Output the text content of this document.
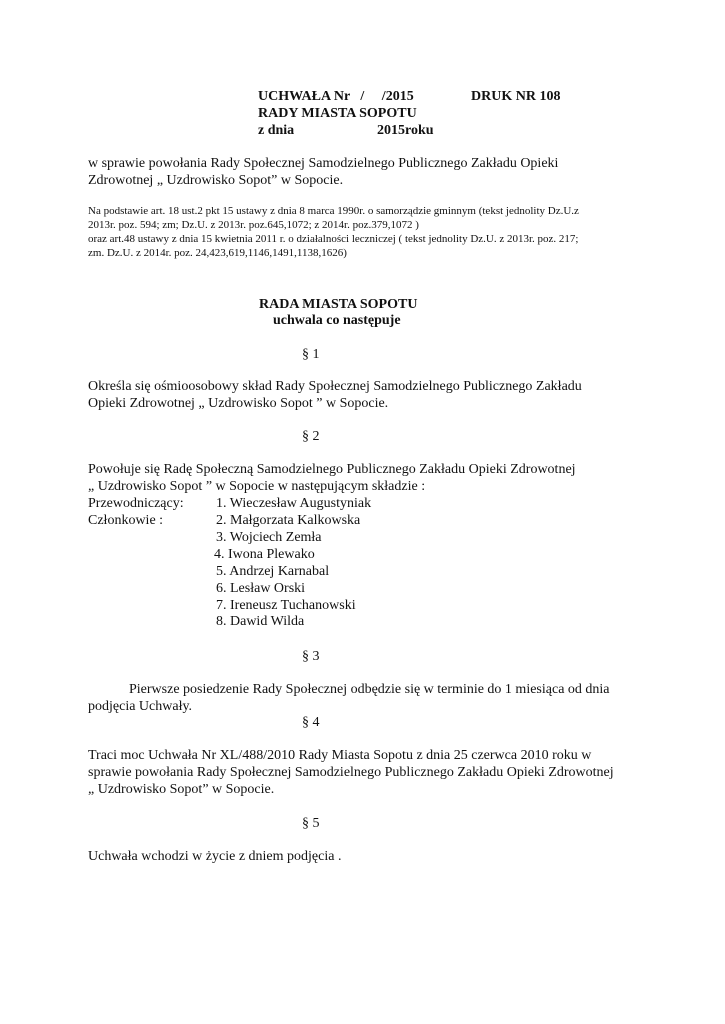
UCHWAŁA Nr   /     /2015	DRUK NR 108
RADY MIASTA SOPOTU
z dnia	2015roku
w sprawie powołania Rady Społecznej Samodzielnego Publicznego Zakładu Opieki
Zdrowotnej „ Uzdrowisko Sopot” w Sopocie.
Na podstawie art. 18 ust.2 pkt 15 ustawy z dnia 8 marca 1990r. o samorządzie gminnym (tekst jednolity Dz.U.z
2013r. poz. 594; zm; Dz.U. z 2013r. poz.645,1072; z 2014r. poz.379,1072 )
oraz art.48 ustawy z dnia 15 kwietnia 2011 r. o działalności leczniczej ( tekst jednolity Dz.U. z 2013r. poz. 217;
zm. Dz.U. z 2014r. poz. 24,423,619,1146,1491,1138,1626)
RADA MIASTA SOPOTU
uchwala co następuje
§ 1
Określa się ośmioosobowy skład Rady Społecznej Samodzielnego Publicznego Zakładu
Opieki Zdrowotnej „ Uzdrowisko Sopot ” w Sopocie.
§ 2
Powołuje się Radę Społeczną Samodzielnego Publicznego Zakładu Opieki Zdrowotnej
„ Uzdrowisko Sopot ” w Sopocie w następującym składzie :
Przewodniczący:
Członkowie :
1. Wieczesław Augustyniak
2. Małgorzata Kalkowska
3. Wojciech Zemła
4. Iwona Plewako
5. Andrzej Karnabal
6. Lesław Orski
7. Ireneusz Tuchanowski
8. Dawid Wilda
§ 3
Pierwsze posiedzenie Rady Społecznej odbędzie się w terminie do 1 miesiąca od dnia
podjęcia Uchwały.
§ 4
Traci moc Uchwała Nr XL/488/2010 Rady Miasta Sopotu z dnia 25 czerwca 2010 roku w
sprawie powołania Rady Społecznej Samodzielnego Publicznego Zakładu Opieki Zdrowotnej
„ Uzdrowisko Sopot” w Sopocie.
§ 5
Uchwała wchodzi w życie z dniem podjęcia .
